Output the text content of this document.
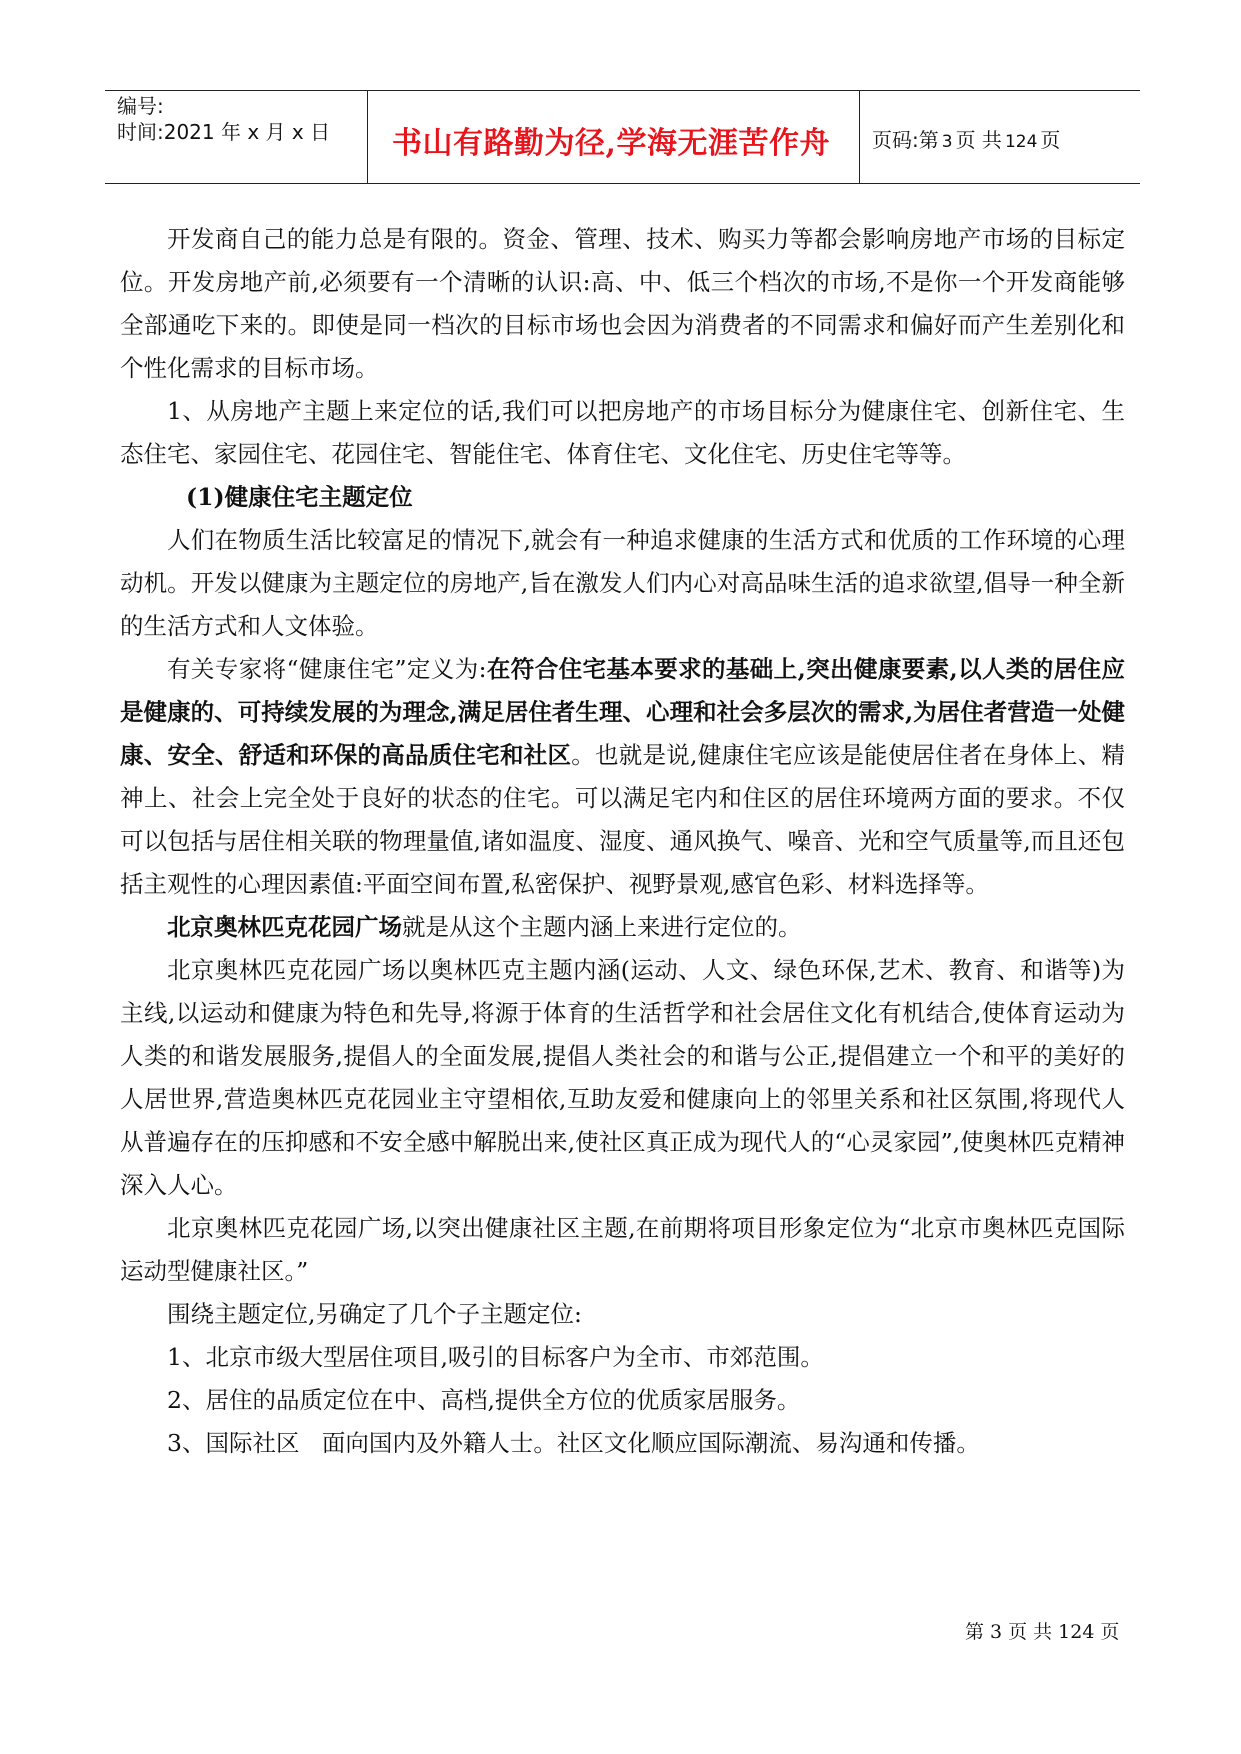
编号:
时间:2021 年 x 月 x 日 书山有路勤为径,学海无涯苦作舟 页码:第 3 页 共 124 页

开发商自己的能力总是有限的。资金、管理、技术、购买力等都会影响房地产市场的目标定位。开发房地产前,必须要有一个清晰的认识:高、中、低三个档次的市场,不是你一个开发商能够全部通吃下来的。即使是同一档次的目标市场也会因为消费者的不同需求和偏好而产生差别化和个性化需求的目标市场。

1、从房地产主题上来定位的话,我们可以把房地产的市场目标分为健康住宅、创新住宅、生态住宅、家园住宅、花园住宅、智能住宅、体育住宅、文化住宅、历史住宅等等。

(1)健康住宅主题定位

人们在物质生活比较富足的情况下,就会有一种追求健康的生活方式和优质的工作环境的心理动机。开发以健康为主题定位的房地产,旨在激发人们内心对高品味生活的追求欲望,倡导一种全新的生活方式和人文体验。

有关专家将“健康住宅”定义为:在符合住宅基本要求的基础上,突出健康要素,以人类的居住应是健康的、可持续发展的为理念,满足居住者生理、心理和社会多层次的需求,为居住者营造一处健康、安全、舒适和环保的高品质住宅和社区。也就是说,健康住宅应该是能使居住者在身体上、精神上、社会上完全处于良好的状态的住宅。可以满足宅内和住区的居住环境两方面的要求。不仅可以包括与居住相关联的物理量值,诸如温度、湿度、通风换气、噪音、光和空气质量等,而且还包括主观性的心理因素值:平面空间布置,私密保护、视野景观,感官色彩、材料选择等。

北京奥林匹克花园广场就是从这个主题内涵上来进行定位的。

北京奥林匹克花园广场以奥林匹克主题内涵(运动、人文、绿色环保,艺术、教育、和谐等)为主线,以运动和健康为特色和先导,将源于体育的生活哲学和社会居住文化有机结合,使体育运动为人类的和谐发展服务,提倡人的全面发展,提倡人类社会的和谐与公正,提倡建立一个和平的美好的人居世界,营造奥林匹克花园业主守望相依,互助友爱和健康向上的邻里关系和社区氛围,将现代人从普遍存在的压抑感和不安全感中解脱出来,使社区真正成为现代人的“心灵家园”,使奥林匹克精神深入人心。

北京奥林匹克花园广场,以突出健康社区主题,在前期将项目形象定位为“北京市奥林匹克国际运动型健康社区。”

围绕主题定位,另确定了几个子主题定位:

1、北京市级大型居住项目,吸引的目标客户为全市、市郊范围。

2、居住的品质定位在中、高档,提供全方位的优质家居服务。

3、国际社区   面向国内及外籍人士。社区文化顺应国际潮流、易沟通和传播。

第 3 页 共 124 页
